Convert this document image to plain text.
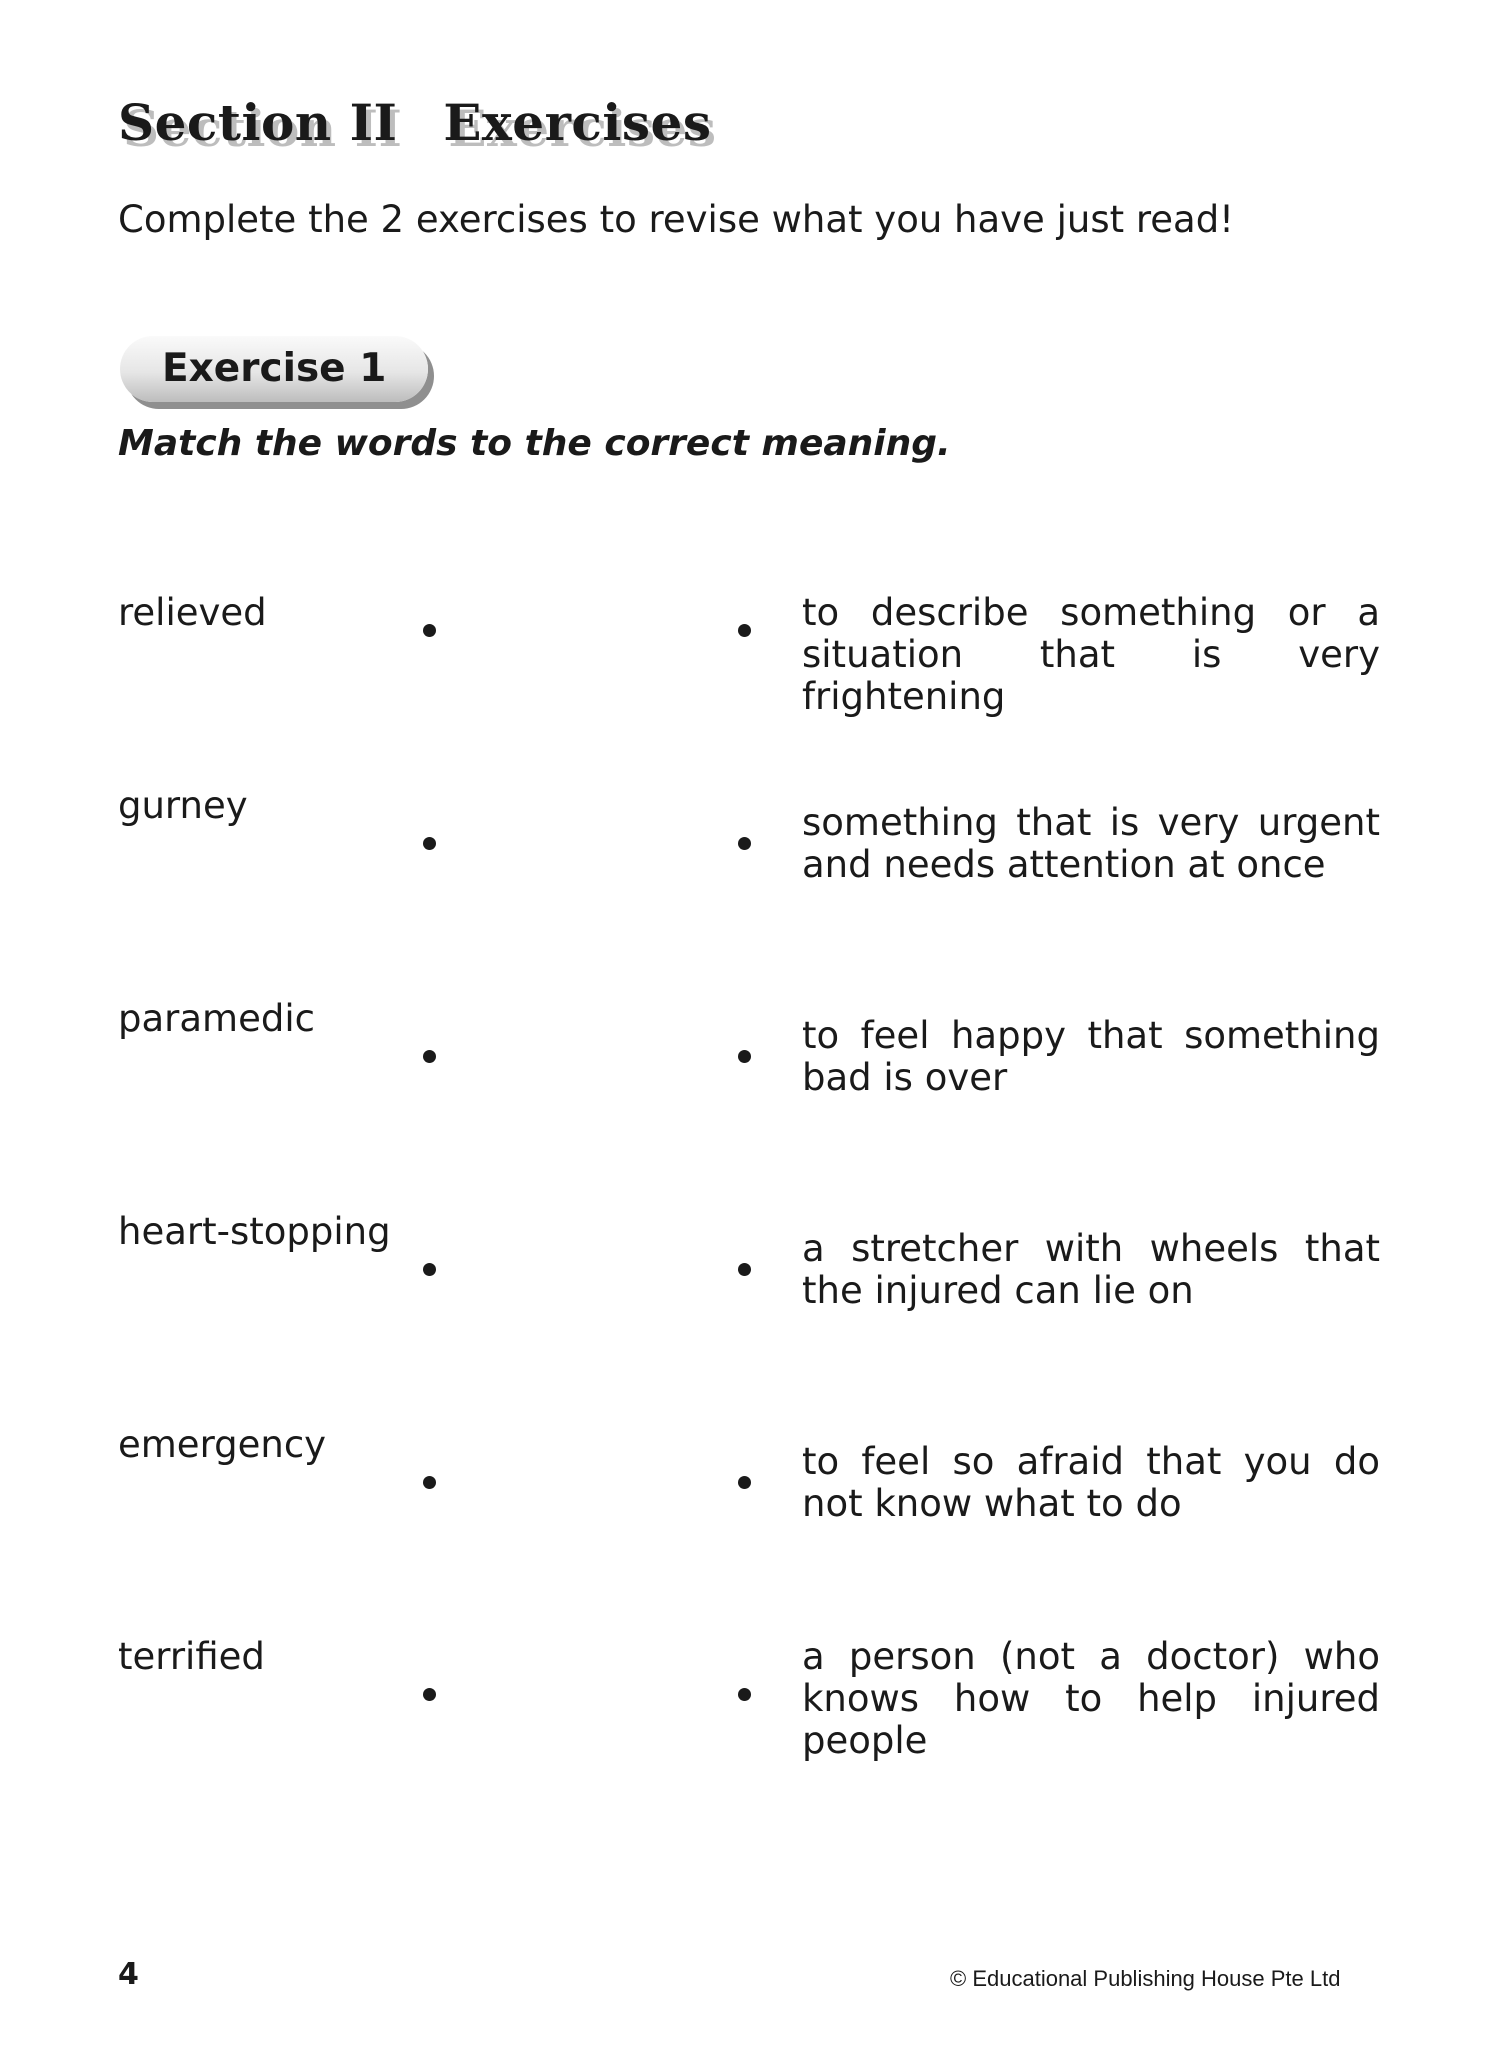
Section II Exercises

Complete the 2 exercises to revise what you have just read!

Exercise 1

Match the words to the correct meaning.

relieved	to describe something or a situation that is very frightening
gurney	something that is very urgent and needs attention at once
paramedic	to feel happy that something bad is over
heart-stopping	a stretcher with wheels that the injured can lie on
emergency	to feel so afraid that you do not know what to do
terrified	a person (not a doctor) who knows how to help injured people
4	© Educational Publishing House Pte Ltd
